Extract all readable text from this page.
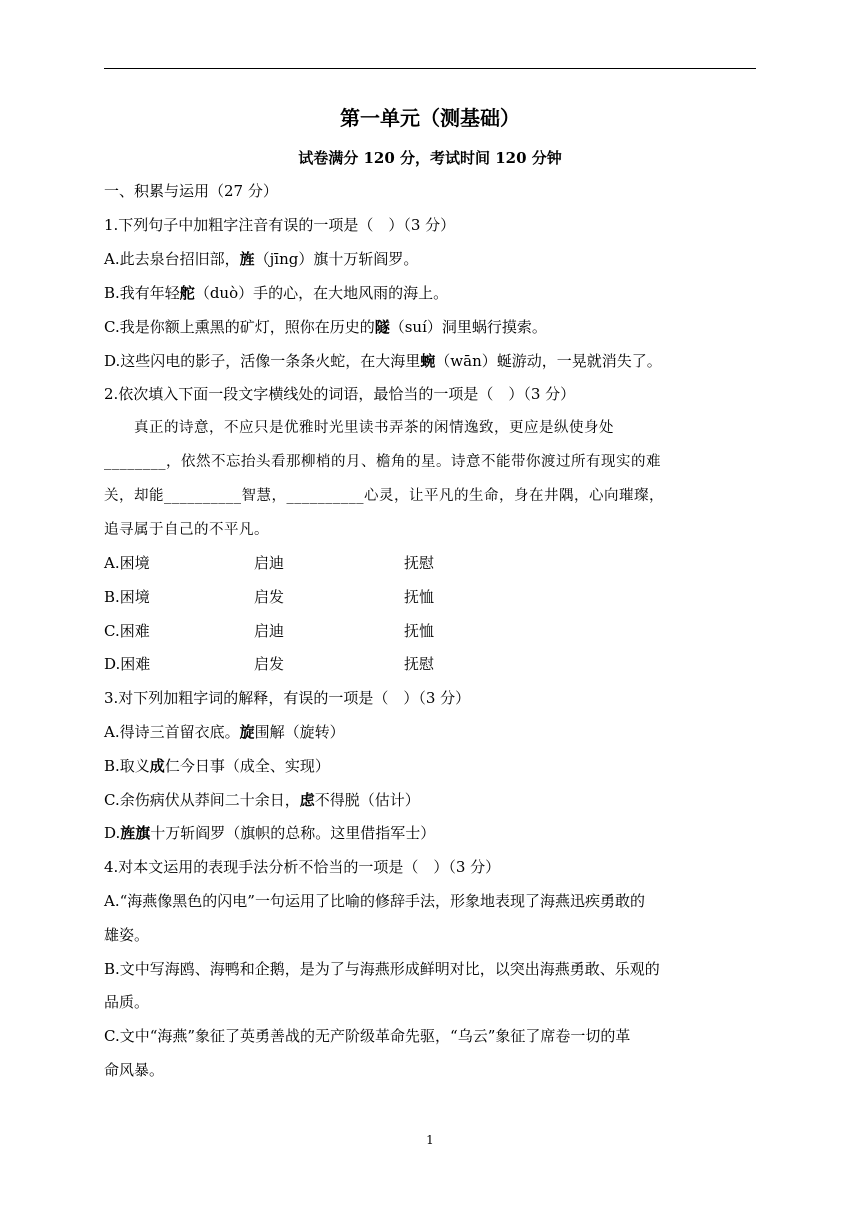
第一单元（测基础）
试卷满分 120 分，考试时间 120 分钟
一、积累与运用（27 分）
1.下列句子中加粗字注音有误的一项是（　）（3 分）
A.此去泉台招旧部，旌（jīng）旗十万斩阎罗。
B.我有年轻舵（duò）手的心，在大地风雨的海上。
C.我是你额上熏黑的矿灯，照你在历史的隧（suí）洞里蜗行摸索。
D.这些闪电的影子，活像一条条火蛇，在大海里蜿（wān）蜒游动，一晃就消失了。
2.依次填入下面一段文字横线处的词语，最恰当的一项是（　）（3 分）
　　真正的诗意，不应只是优雅时光里读书弄茶的闲情逸致，更应是纵使身处
________，依然不忘抬头看那柳梢的月、檐角的星。诗意不能带你渡过所有现实的难
关，却能__________智慧，__________心灵，让平凡的生命，身在井隅，心向璀璨，
追寻属于自己的不平凡。
A.困境	启迪	抚慰
B.困境	启发	抚恤
C.困难	启迪	抚恤
D.困难	启发	抚慰
3.对下列加粗字词的解释，有误的一项是（　）（3 分）
A.得诗三首留衣底。旋围解（旋转）
B.取义成仁今日事（成全、实现）
C.余伤病伏从莽间二十余日，虑不得脱（估计）
D.旌旗十万斩阎罗（旗帜的总称。这里借指军士）
4.对本文运用的表现手法分析不恰当的一项是（　）（3 分）
A.“海燕像黑色的闪电”一句运用了比喻的修辞手法，形象地表现了海燕迅疾勇敢的
雄姿。
B.文中写海鸥、海鸭和企鹅，是为了与海燕形成鲜明对比，以突出海燕勇敢、乐观的
品质。
C.文中“海燕”象征了英勇善战的无产阶级革命先驱，“乌云”象征了席卷一切的革
命风暴。
1
